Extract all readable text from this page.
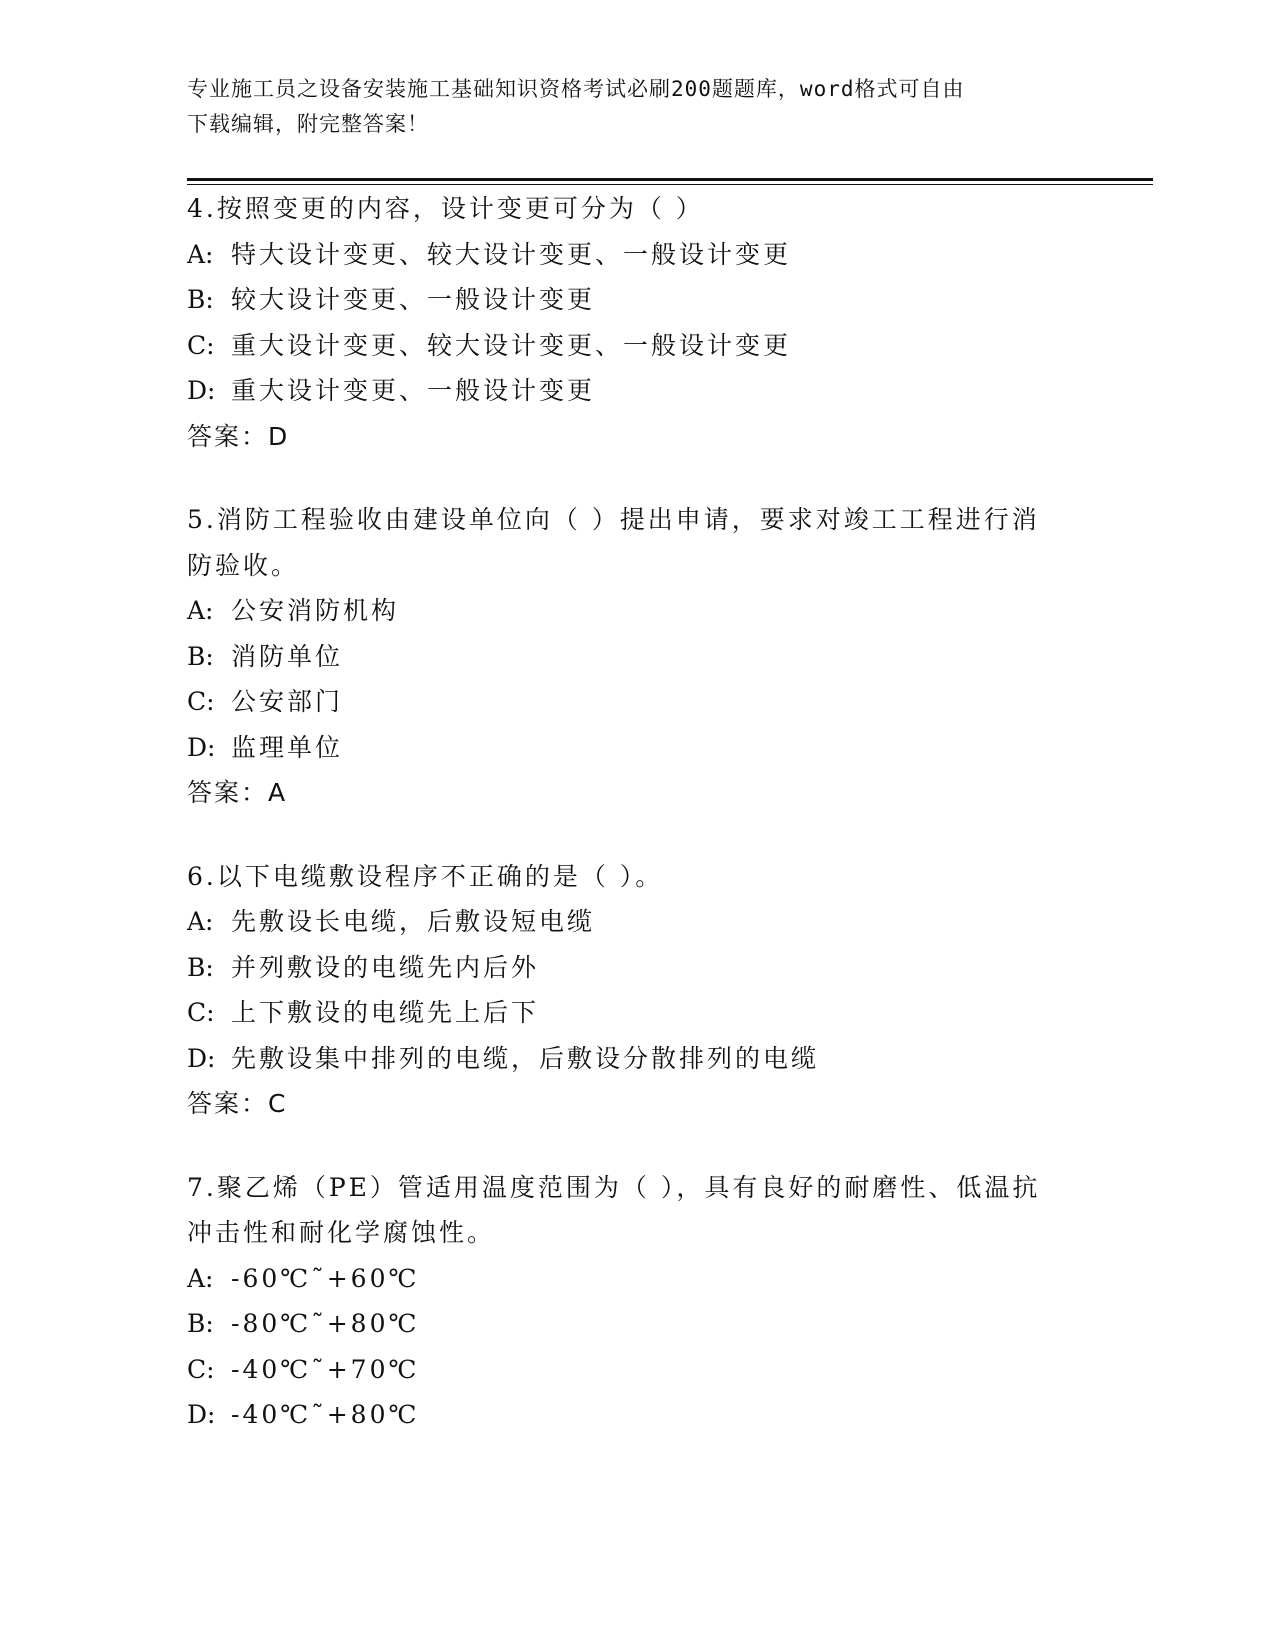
专业施工员之设备安装施工基础知识资格考试必刷200题题库，word格式可自由
下载编辑，附完整答案！
4.按照变更的内容，设计变更可分为（ ）
A: 特大设计变更、较大设计变更、一般设计变更
B: 较大设计变更、一般设计变更
C: 重大设计变更、较大设计变更、一般设计变更
D: 重大设计变更、一般设计变更
答案：D
5.消防工程验收由建设单位向（ ）提出申请，要求对竣工工程进行消
防验收。
A: 公安消防机构
B: 消防单位
C: 公安部门
D: 监理单位
答案：A
6.以下电缆敷设程序不正确的是（ ）。
A: 先敷设长电缆，后敷设短电缆
B: 并列敷设的电缆先内后外
C: 上下敷设的电缆先上后下
D: 先敷设集中排列的电缆，后敷设分散排列的电缆
答案：C
7.聚乙烯（PE）管适用温度范围为（ ），具有良好的耐磨性、低温抗
冲击性和耐化学腐蚀性。
A: -60℃˜+60℃
B: -80℃˜+80℃
C: -40℃˜+70℃
D: -40℃˜+80℃
